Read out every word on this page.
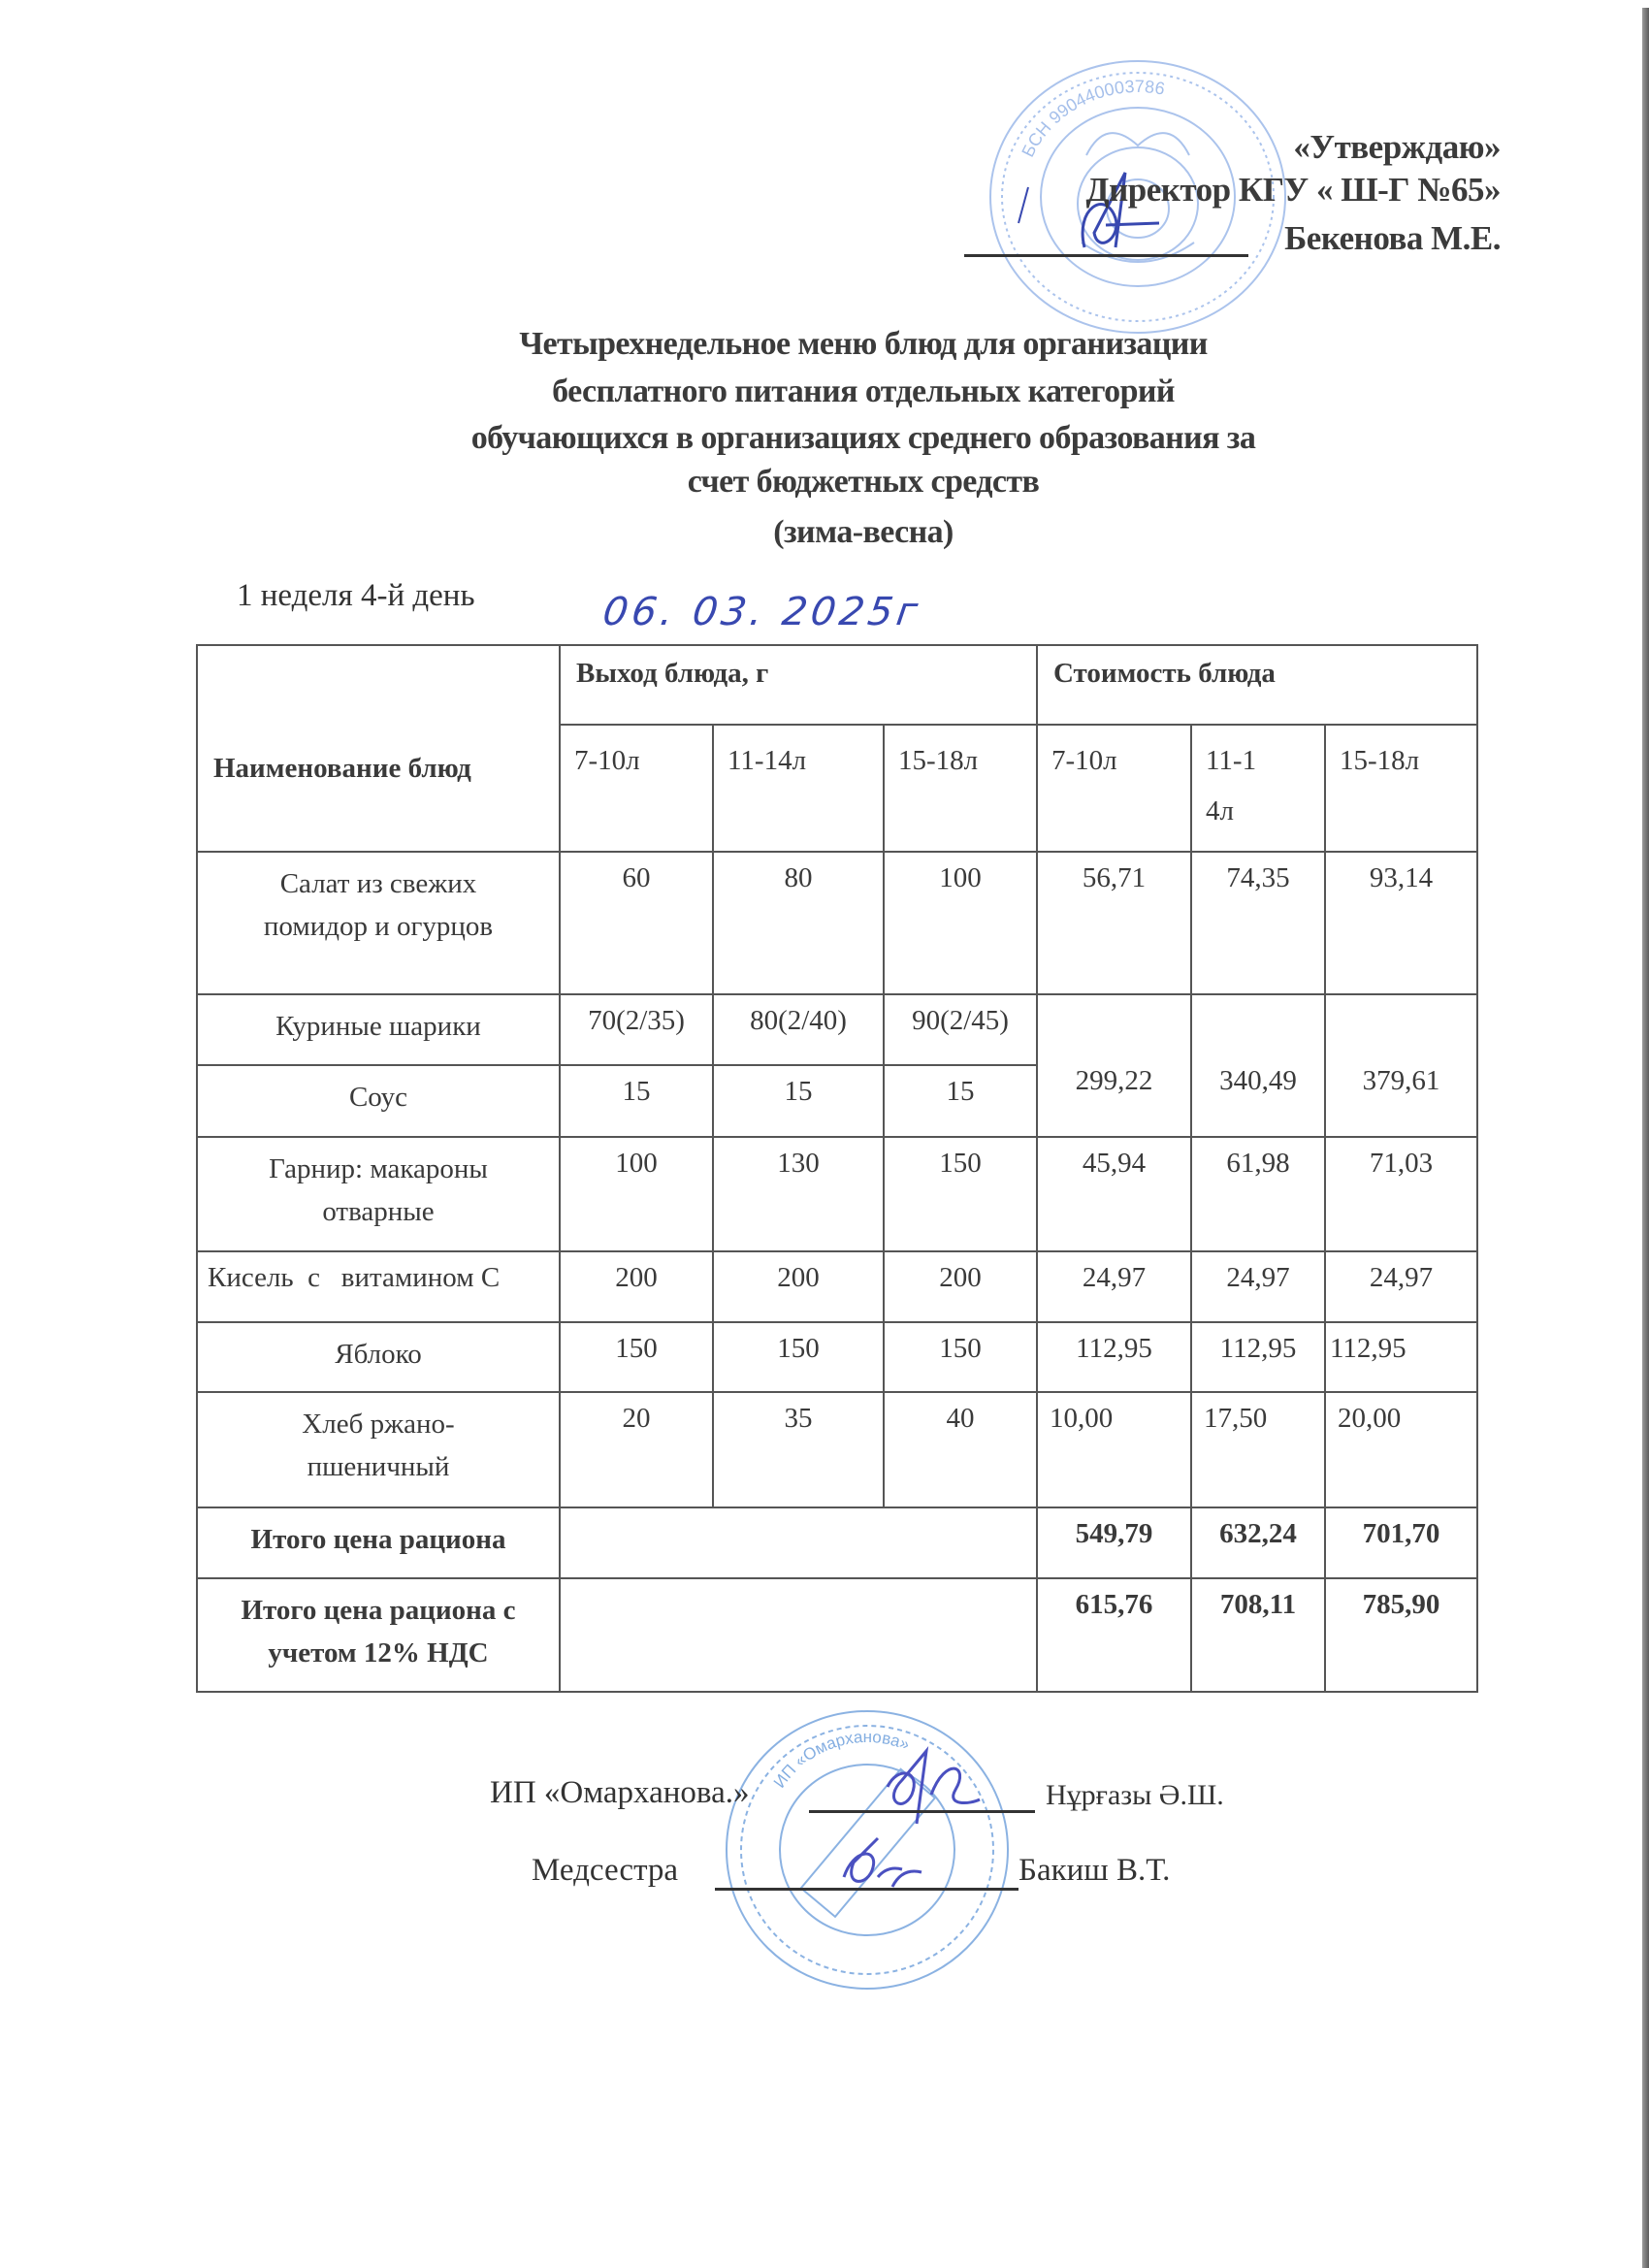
БСН 990440003786
ИП «Омарханова»
«Утверждаю»
Директор КГУ « Ш-Г №65»
Бекенова М.Е.
Четырехнедельное меню блюд для организации
бесплатного питания отдельных категорий
обучающихся в организациях среднего образования за
счет бюджетных средств
(зима-весна)
1 неделя 4-й день	06. 03. 2025г
Наименование блюд	Выход блюда, г			Стоимость блюда		
	7-10л	11-14л	15-18л	7-10л	11-14л	15-18л
Салат из свежих помидор и огурцов	60	80	100	56,71	74,35	93,14
Куриные шарики	70(2/35)	80(2/40)	90(2/45)	299,22	340,49	379,61
Соус	15	15	15			
Гарнир: макароны отварные	100	130	150	45,94	61,98	71,03
Кисель  с   витамином С	200	200	200	24,97	24,97	24,97
Яблоко	150	150	150	112,95	112,95	112,95
Хлеб ржано-пшеничный	20	35	40	10,00	17,50	20,00
Итого цена рациона				549,79	632,24	701,70
Итого цена рациона с учетом 12% НДС				615,76	708,11	785,90
ИП «Омарханова.»	Нұрғазы Ә.Ш.
Медсестра	Бакиш В.Т.
